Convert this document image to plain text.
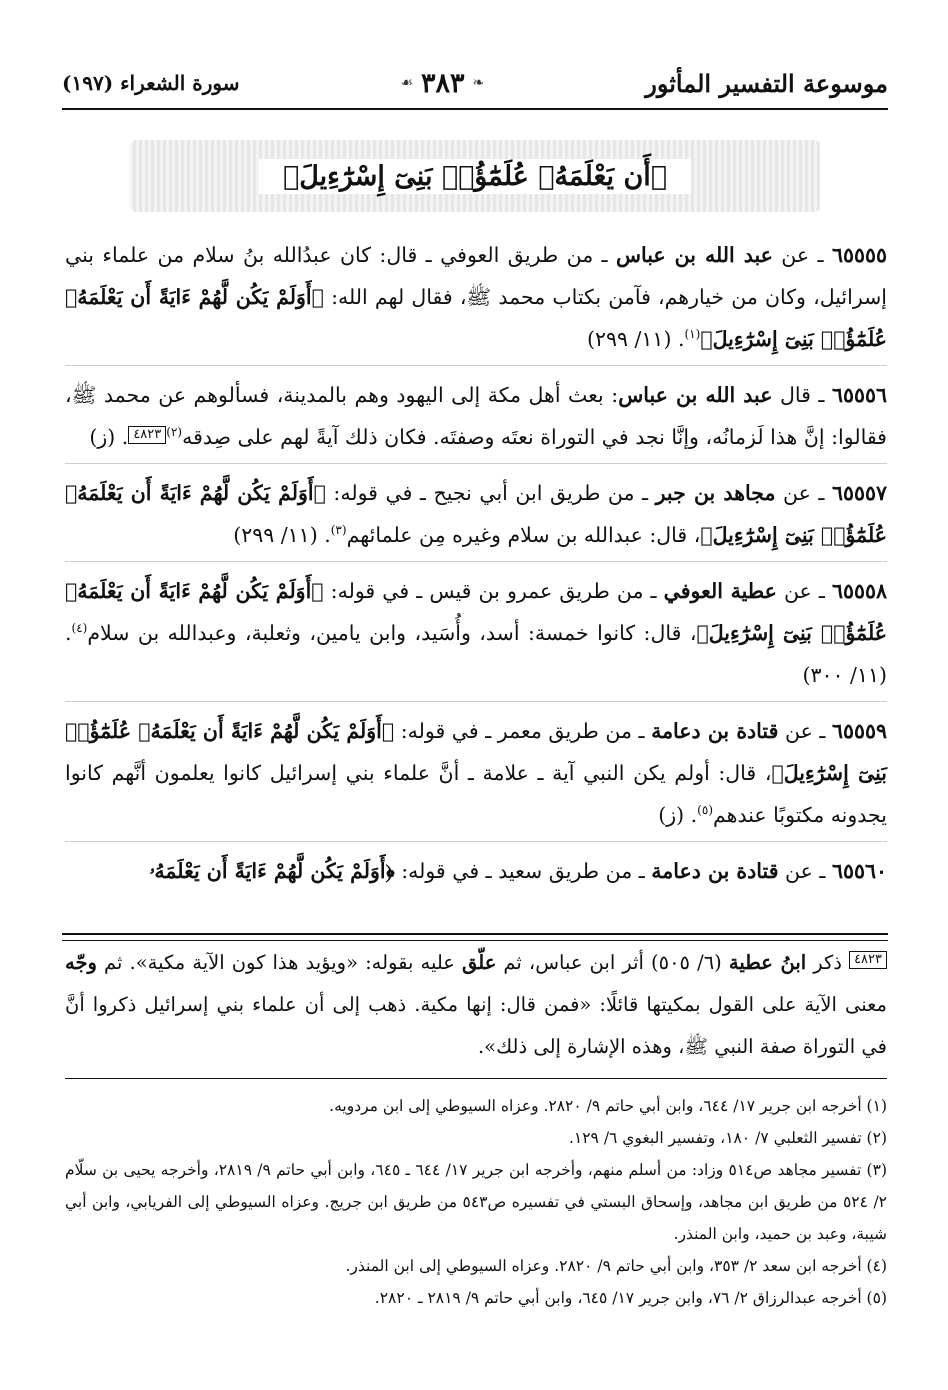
موسوعة التفسير المأثور
❧
٣٨٣
☙
سورة الشعراء (١٩٧)
﴿أَن يَعْلَمَهُۥ عُلَمَٰٓؤُا۟ بَنِىٓ إِسْرَٰٓءِيلَ﴾

٦٥٥٥٥ ـ عن عبد الله بن عباس ـ من طريق العوفي ـ قال: كان عبدُالله بنُ سلام من علماء بني إسرائيل، وكان من خيارهم، فآمن بكتاب محمد ﷺ، فقال لهم الله: ﴿أَوَلَمْ يَكُن لَّهُمْ ءَايَةً أَن يَعْلَمَهُۥ عُلَمَٰٓؤُا۟ بَنِىٓ إِسْرَٰٓءِيلَ﴾$^{(١)}$. (١١/ ٢٩٩)

٦٥٥٥٦ ـ قال عبد الله بن عباس: بعث أهل مكة إلى اليهود وهم بالمدينة، فسألوهم عن محمد ﷺ، فقالوا: إنَّ هذا لَزمانُه، وإنَّا نجد في التوراة نعتَه وصفتَه. فكان ذلك آيةً لهم على صِدقه$^{(٢)}$٤٨٢٣. (ز)

٦٥٥٥٧ ـ عن مجاهد بن جبر ـ من طريق ابن أبي نجيح ـ في قوله: ﴿أَوَلَمْ يَكُن لَّهُمْ ءَايَةً أَن يَعْلَمَهُۥ عُلَمَٰٓؤُا۟ بَنِىٓ إِسْرَٰٓءِيلَ﴾، قال: عبدالله بن سلام وغيره مِن علمائهم$^{(٣)}$. (١١/ ٢٩٩)

٦٥٥٥٨ ـ عن عطية العوفي ـ من طريق عمرو بن قيس ـ في قوله: ﴿أَوَلَمْ يَكُن لَّهُمْ ءَايَةً أَن يَعْلَمَهُۥ عُلَمَٰٓؤُا۟ بَنِىٓ إِسْرَٰٓءِيلَ﴾، قال: كانوا خمسة: أسد، وأُسَيد، وابن يامين، وثعلبة، وعبدالله بن سلام$^{(٤)}$. (١١/ ٣٠٠)

٦٥٥٥٩ ـ عن قتادة بن دعامة ـ من طريق معمر ـ في قوله: ﴿أَوَلَمْ يَكُن لَّهُمْ ءَايَةً أَن يَعْلَمَهُۥ عُلَمَٰٓؤُا۟ بَنِىٓ إِسْرَٰٓءِيلَ﴾، قال: أولم يكن النبي آية ـ علامة ـ أنَّ علماء بني إسرائيل كانوا يعلمون أنَّهم كانوا يجدونه مكتوبًا عندهم$^{(٥)}$. (ز)

٦٥٥٦٠ ـ عن قتادة بن دعامة ـ من طريق سعيد ـ في قوله: ﴿أَوَلَمْ يَكُن لَّهُمْ ءَايَةً أَن يَعْلَمَهُۥ

٤٨٢٣ ذكر ابنُ عطية (٦/ ٥٠٥) أثر ابن عباس، ثم علّق عليه بقوله: «ويؤيد هذا كون الآية مكية». ثم وجّه معنى الآية على القول بمكيتها قائلًا: «فمن قال: إنها مكية. ذهب إلى أن علماء بني إسرائيل ذكروا أنَّ في التوراة صفة النبي ﷺ، وهذه الإشارة إلى ذلك».

(١) أخرجه ابن جرير ١٧/ ٦٤٤، وابن أبي حاتم ٩/ ٢٨٢٠. وعزاه السيوطي إلى ابن مردويه.

(٢) تفسير الثعلبي ٧/ ١٨٠، وتفسير البغوي ٦/ ١٢٩.

(٣) تفسير مجاهد ص٥١٤ وزاد: من أسلم منهم، وأخرجه ابن جرير ١٧/ ٦٤٤ ـ ٦٤٥، وابن أبي حاتم ٩/ ٢٨١٩، وأخرجه يحيى بن سلّام ٢/ ٥٢٤ من طريق ابن مجاهد، وإسحاق البستي في تفسيره ص٥٤٣ من طريق ابن جريج. وعزاه السيوطي إلى الفريابي، وابن أبي شيبة، وعبد بن حميد، وابن المنذر.

(٤) أخرجه ابن سعد ٢/ ٣٥٣، وابن أبي حاتم ٩/ ٢٨٢٠. وعزاه السيوطي إلى ابن المنذر.

(٥) أخرجه عبدالرزاق ٢/ ٧٦، وابن جرير ١٧/ ٦٤٥، وابن أبي حاتم ٩/ ٢٨١٩ ـ ٢٨٢٠.
